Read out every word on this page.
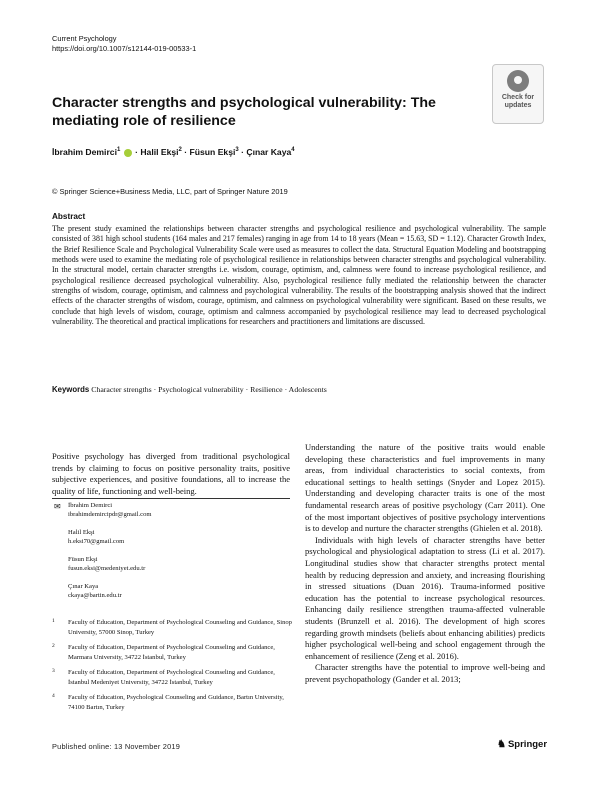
Current Psychology
https://doi.org/10.1007/s12144-019-00533-1
Check for
updates
Character strengths and psychological vulnerability: The mediating role of resilience
İbrahim Demirci$^1$  · Halil Ekşi$^2$ · Füsun Ekşi$^3$ · Çınar Kaya$^4$
© Springer Science+Business Media, LLC, part of Springer Nature 2019
Abstract
The present study examined the relationships between character strengths and psychological resilience and psychological vulnerability. The sample consisted of 381 high school students (164 males and 217 females) ranging in age from 14 to 18 years (Mean = 15.63, SD = 1.12). Character Growth Index, the Brief Resilience Scale and Psychological Vulnerability Scale were used as measures to collect the data. Structural Equation Modeling and bootstrapping methods were used to examine the mediating role of psychological resilience in relationships between character strengths and psychological vulnerability. In the structural model, certain character strengths i.e. wisdom, courage, optimism, and, calmness were found to increase psychological resilience, and psychological resilience decreased psychological vulnerability. Also, psychological resilience fully mediated the relationship between the character strengths of wisdom, courage, optimism, and calmness and psychological vulnerability. The results of the bootstrapping analysis showed that the indirect effects of the character strengths of wisdom, courage, optimism, and calmness on psychological vulnerability were significant. Based on these results, we conclude that high levels of wisdom, courage, optimism and calmness accompanied by psychological resilience may lead to decreased psychological vulnerability. The theoretical and practical implications for researchers and practitioners and limitations are discussed.
Keywords Character strengths · Psychological vulnerability · Resilience · Adolescents
Positive psychology has diverged from traditional psychological trends by claiming to focus on positive personality traits, positive subjective experiences, and positive foundations, all to increase the quality of life, functioning and well-being.
✉ İbrahim Demirci
ibrahimdemircipdr@gmail.com
Halil Ekşi
h.eksi70@gmail.com
Füsun Ekşi
fusun.eksi@medeniyet.edu.tr
Çınar Kaya
ckaya@bartin.edu.tr
1 Faculty of Education, Department of Psychological Counseling and Guidance, Sinop University, 57000 Sinop, Turkey
2 Faculty of Education, Department of Psychological Counseling and Guidance, Marmara University, 34722 İstanbul, Turkey
3 Faculty of Education, Department of Psychological Counseling and Guidance, İstanbul Medeniyet University, 34722 İstanbul, Turkey
4 Faculty of Education, Psychological Counseling and Guidance, Bartın University, 74100 Bartın, Turkey

Understanding the nature of the positive traits would enable developing these characteristics and fuel improvements in many areas, from individual characteristics to social contexts, from educational settings to health settings (Snyder and Lopez 2015). Understanding and developing character traits is one of the most fundamental research areas of positive psychology (Carr 2011). One of the most important objectives of positive psychology interventions is to develop and nurture the character strengths (Ghielen et al. 2018).

Individuals with high levels of character strengths have better psychological and physiological adaptation to stress (Li et al. 2017). Longitudinal studies show that character strengths protect mental health by reducing depression and anxiety, and increasing flourishing in stressed situations (Duan 2016). Trauma-informed positive education has the potential to increase psychological resources. Enhancing daily resilience strengthen trauma-affected vulnerable students (Brunzell et al. 2016). The development of high scores regarding growth mindsets (beliefs about enhancing abilities) predicts higher psychological well-being and school engagement through the enhancement of resilience (Zeng et al. 2016).

Character strengths have the potential to improve well-being and prevent psychopathology (Gander et al. 2013;

Published online: 13 November 2019	♞ Springer
